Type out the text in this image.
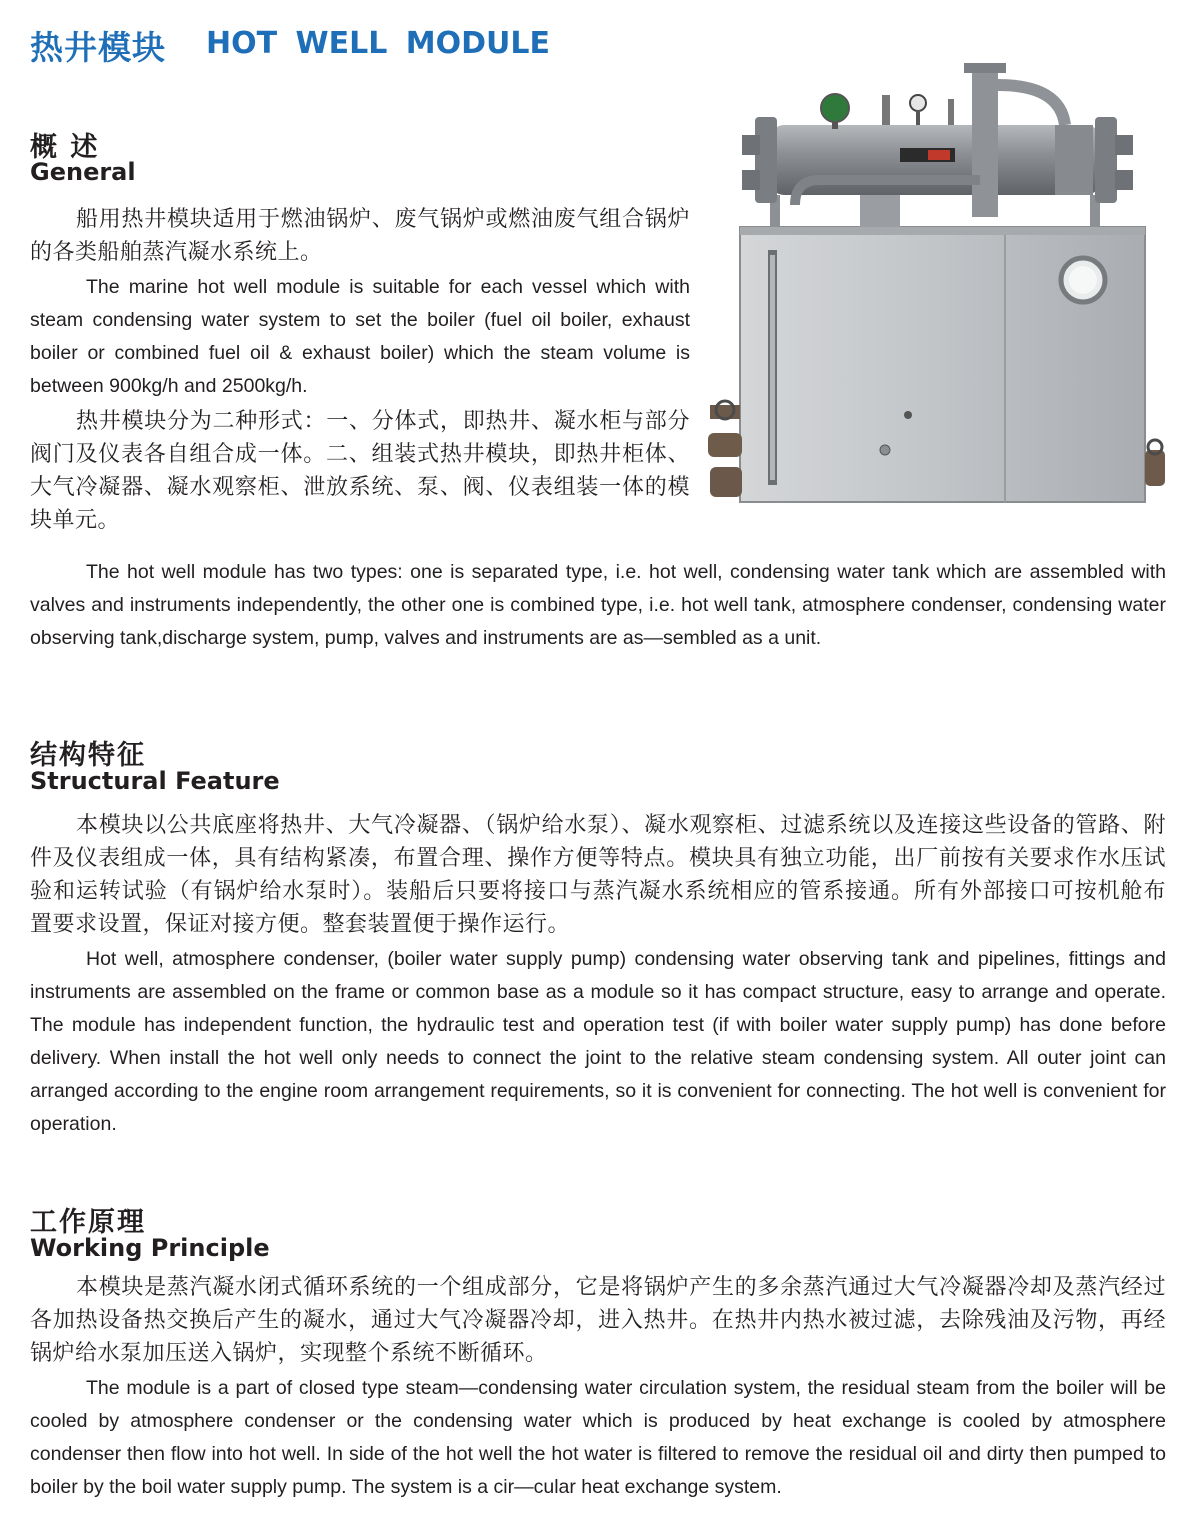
热井模块 HOT WELL MODULE
概 述
General

船用热井模块适用于燃油锅炉、废气锅炉或燃油废气组合锅炉的各类船舶蒸汽凝水系统上。

The marine hot well module is suitable for each vessel which with steam condensing water system to set the boiler (fuel oil boiler, exhaust boiler or combined fuel oil & exhaust boiler) which the steam volume is between 900kg/h and 2500kg/h.

热井模块分为二种形式：一、分体式，即热井、凝水柜与部分阀门及仪表各自组合成一体。二、组装式热井模块，即热井柜体、大气冷凝器、凝水观察柜、泄放系统、泵、阀、仪表组装一体的模块单元。

The hot well module has two types: one is separated type, i.e. hot well, condensing water tank which are assembled with valves and instruments independently, the other one is combined type, i.e. hot well tank, atmosphere condenser, condensing water observing tank,discharge system, pump, valves and instruments are as—sembled as a unit.

结构特征
Structural Feature

本模块以公共底座将热井、大气冷凝器、（锅炉给水泵）、凝水观察柜、过滤系统以及连接这些设备的管路、附件及仪表组成一体，具有结构紧凑，布置合理、操作方便等特点。模块具有独立功能，出厂前按有关要求作水压试验和运转试验（有锅炉给水泵时）。装船后只要将接口与蒸汽凝水系统相应的管系接通。所有外部接口可按机舱布置要求设置，保证对接方便。整套装置便于操作运行。

Hot well, atmosphere condenser, (boiler water supply pump) condensing water observing tank and pipelines, fittings and instruments are assembled on the frame or common base as a module so it has compact structure, easy to arrange and operate. The module has independent function, the hydraulic test and operation test (if with boiler water supply pump) has done before delivery. When install the hot well only needs to connect the joint to the relative steam condensing system. All outer joint can arranged according to the engine room arrangement requirements, so it is convenient for connecting. The hot well is convenient for operation.

工作原理
Working Principle

本模块是蒸汽凝水闭式循环系统的一个组成部分，它是将锅炉产生的多余蒸汽通过大气冷凝器冷却及蒸汽经过各加热设备热交换后产生的凝水，通过大气冷凝器冷却，进入热井。在热井内热水被过滤，去除残油及污物，再经锅炉给水泵加压送入锅炉，实现整个系统不断循环。

The module is a part of closed type steam—condensing water circulation system, the residual steam from the boiler will be cooled by atmosphere condenser or the condensing water which is produced by heat exchange is cooled by atmosphere condenser then flow into hot well. In side of the hot well the hot water is filtered to remove the residual oil and dirty then pumped to boiler by the boil water supply pump. The system is a cir—cular heat exchange system.
